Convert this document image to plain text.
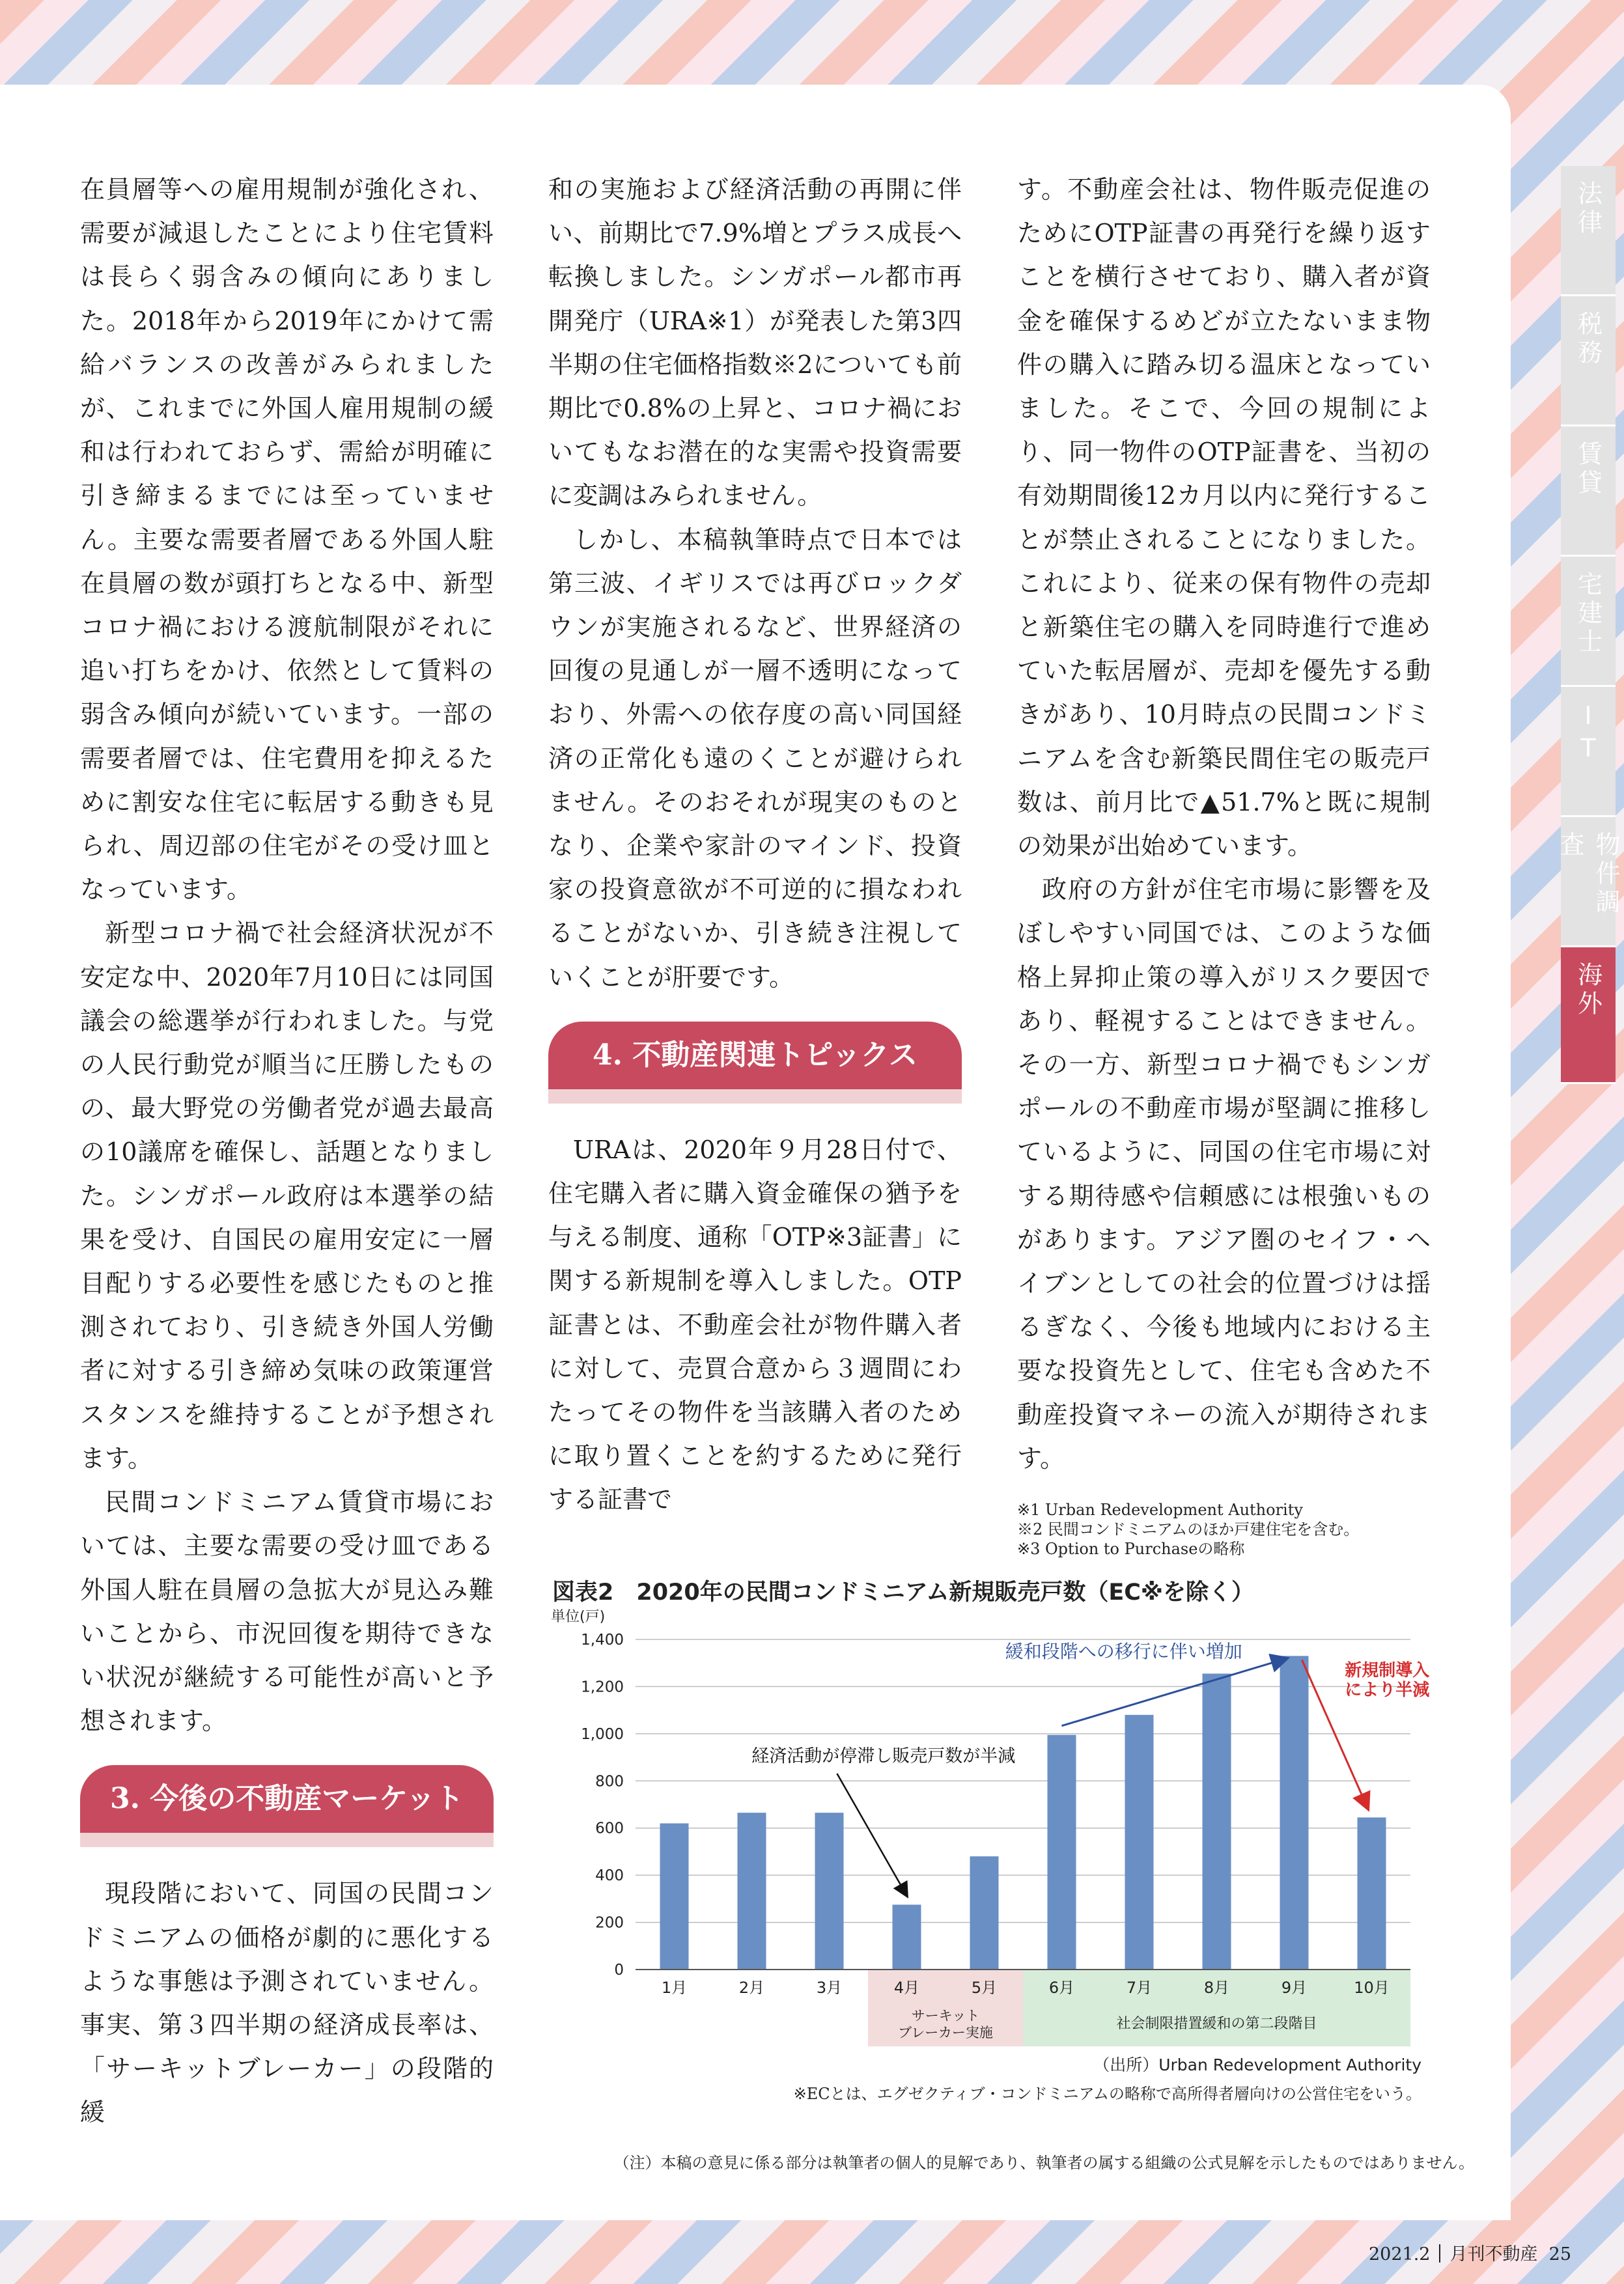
在員層等への雇用規制が強化され、需要が減退したことにより住宅賃料は長らく弱含みの傾向にありました。2018年から2019年にかけて需給バランスの改善がみられましたが、これまでに外国人雇用規制の緩和は行われておらず、需給が明確に引き締まるまでには至っていません。主要な需要者層である外国人駐在員層の数が頭打ちとなる中、新型コロナ禍における渡航制限がそれに追い打ちをかけ、依然として賃料の弱含み傾向が続いています。一部の需要者層では、住宅費用を抑えるために割安な住宅に転居する動きも見られ、周辺部の住宅がその受け皿となっています。

新型コロナ禍で社会経済状況が不安定な中、2020年7月10日には同国議会の総選挙が行われました。与党の人民行動党が順当に圧勝したものの、最大野党の労働者党が過去最高の10議席を確保し、話題となりました。シンガポール政府は本選挙の結果を受け、自国民の雇用安定に一層目配りする必要性を感じたものと推測されており、引き続き外国人労働者に対する引き締め気味の政策運営スタンスを維持することが予想されます。

民間コンドミニアム賃貸市場においては、主要な需要の受け皿である外国人駐在員層の急拡大が見込み難いことから、市況回復を期待できない状況が継続する可能性が高いと予想されます。

3. 今後の不動産マーケット

現段階において、同国の民間コンドミニアムの価格が劇的に悪化するような事態は予測されていません。事実、第３四半期の経済成長率は、「サーキットブレーカー」の段階的緩

和の実施および経済活動の再開に伴い、前期比で7.9%増とプラス成長へ転換しました。シンガポール都市再開発庁（URA※1）が発表した第3四半期の住宅価格指数※2についても前期比で0.8%の上昇と、コロナ禍においてもなお潜在的な実需や投資需要に変調はみられません。

しかし、本稿執筆時点で日本では第三波、イギリスでは再びロックダウンが実施されるなど、世界経済の回復の見通しが一層不透明になっており、外需への依存度の高い同国経済の正常化も遠のくことが避けられません。そのおそれが現実のものとなり、企業や家計のマインド、投資家の投資意欲が不可逆的に損なわれることがないか、引き続き注視していくことが肝要です。

4. 不動産関連トピックス

URAは、2020年９月28日付で、住宅購入者に購入資金確保の猶予を与える制度、通称「OTP※3証書」に関する新規制を導入しました。OTP証書とは、不動産会社が物件購入者に対して、売買合意から３週間にわたってその物件を当該購入者のために取り置くことを約するために発行する証書で

す。不動産会社は、物件販売促進のためにOTP証書の再発行を繰り返すことを横行させており、購入者が資金を確保するめどが立たないまま物件の購入に踏み切る温床となっていました。そこで、今回の規制により、同一物件のOTP証書を、当初の有効期間後12カ月以内に発行することが禁止されることになりました。これにより、従来の保有物件の売却と新築住宅の購入を同時進行で進めていた転居層が、売却を優先する動きがあり、10月時点の民間コンドミニアムを含む新築民間住宅の販売戸数は、前月比で▲51.7%と既に規制の効果が出始めています。

政府の方針が住宅市場に影響を及ぼしやすい同国では、このような価格上昇抑止策の導入がリスク要因であり、軽視することはできません。その一方、新型コロナ禍でもシンガポールの不動産市場が堅調に推移しているように、同国の住宅市場に対する期待感や信頼感には根強いものがあります。アジア圏のセイフ・ヘイブンとしての社会的位置づけは揺るぎなく、今後も地域内における主要な投資先として、住宅も含めた不動産投資マネーの流入が期待されます。

※1 Urban Redevelopment Authority
※2 民間コンドミニアムのほか戸建住宅を含む。
※3 Option to Purchaseの略称
法律
税務
賃貸
宅建士
IT
物件調査
海外
図表2　2020年の民間コンドミニアム新規販売戸数（EC※を除く）
単位(戸)
0
200
400
600
800
1,000
1,200
1,400
1月	2月	3月	4月	5月	6月	7月	8月	9月	10月
サーキット
ブレーカー実施
社会制限措置緩和の第二段階目
緩和段階への移行に伴い増加
経済活動が停滞し販売戸数が半減
新規制導入
により半減
（出所）Urban Redevelopment Authority
※ECとは、エグゼクティブ・コンドミニアムの略称で高所得者層向けの公営住宅をいう。
（注）本稿の意見に係る部分は執筆者の個人的見解であり、執筆者の属する組織の公式見解を示したものではありません。
2021.2 月刊不動産 25
